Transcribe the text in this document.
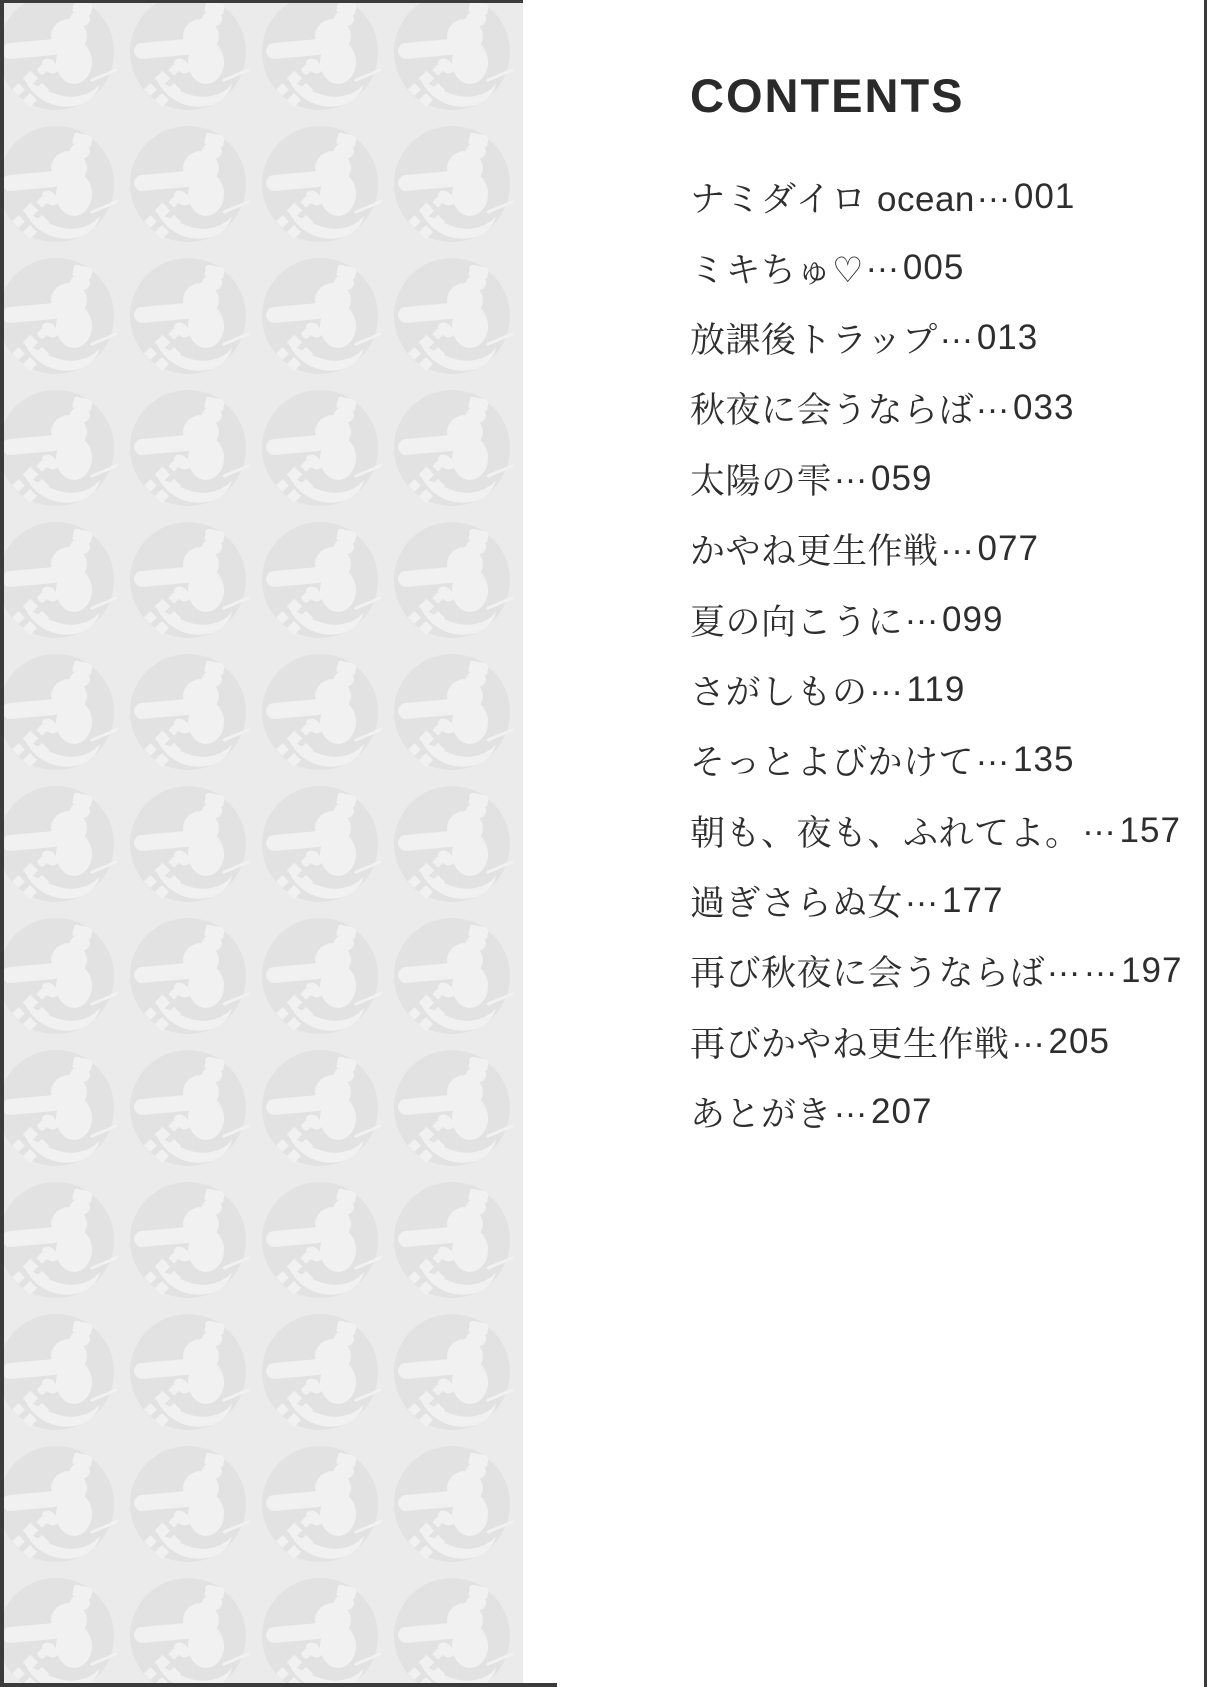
CONTENTS
ナミダイロ ocean … 001
ミキちゅ♡ … 005
放課後トラップ … 013
秋夜に会うならば … 033
太陽の雫 … 059
かやね更生作戦 … 077
夏の向こうに … 099
さがしもの … 119
そっとよびかけて … 135
朝も、夜も、ふれてよ。 … 157
過ぎさらぬ女 … 177
再び秋夜に会うならば …… 197
再びかやね更生作戦 … 205
あとがき … 207
